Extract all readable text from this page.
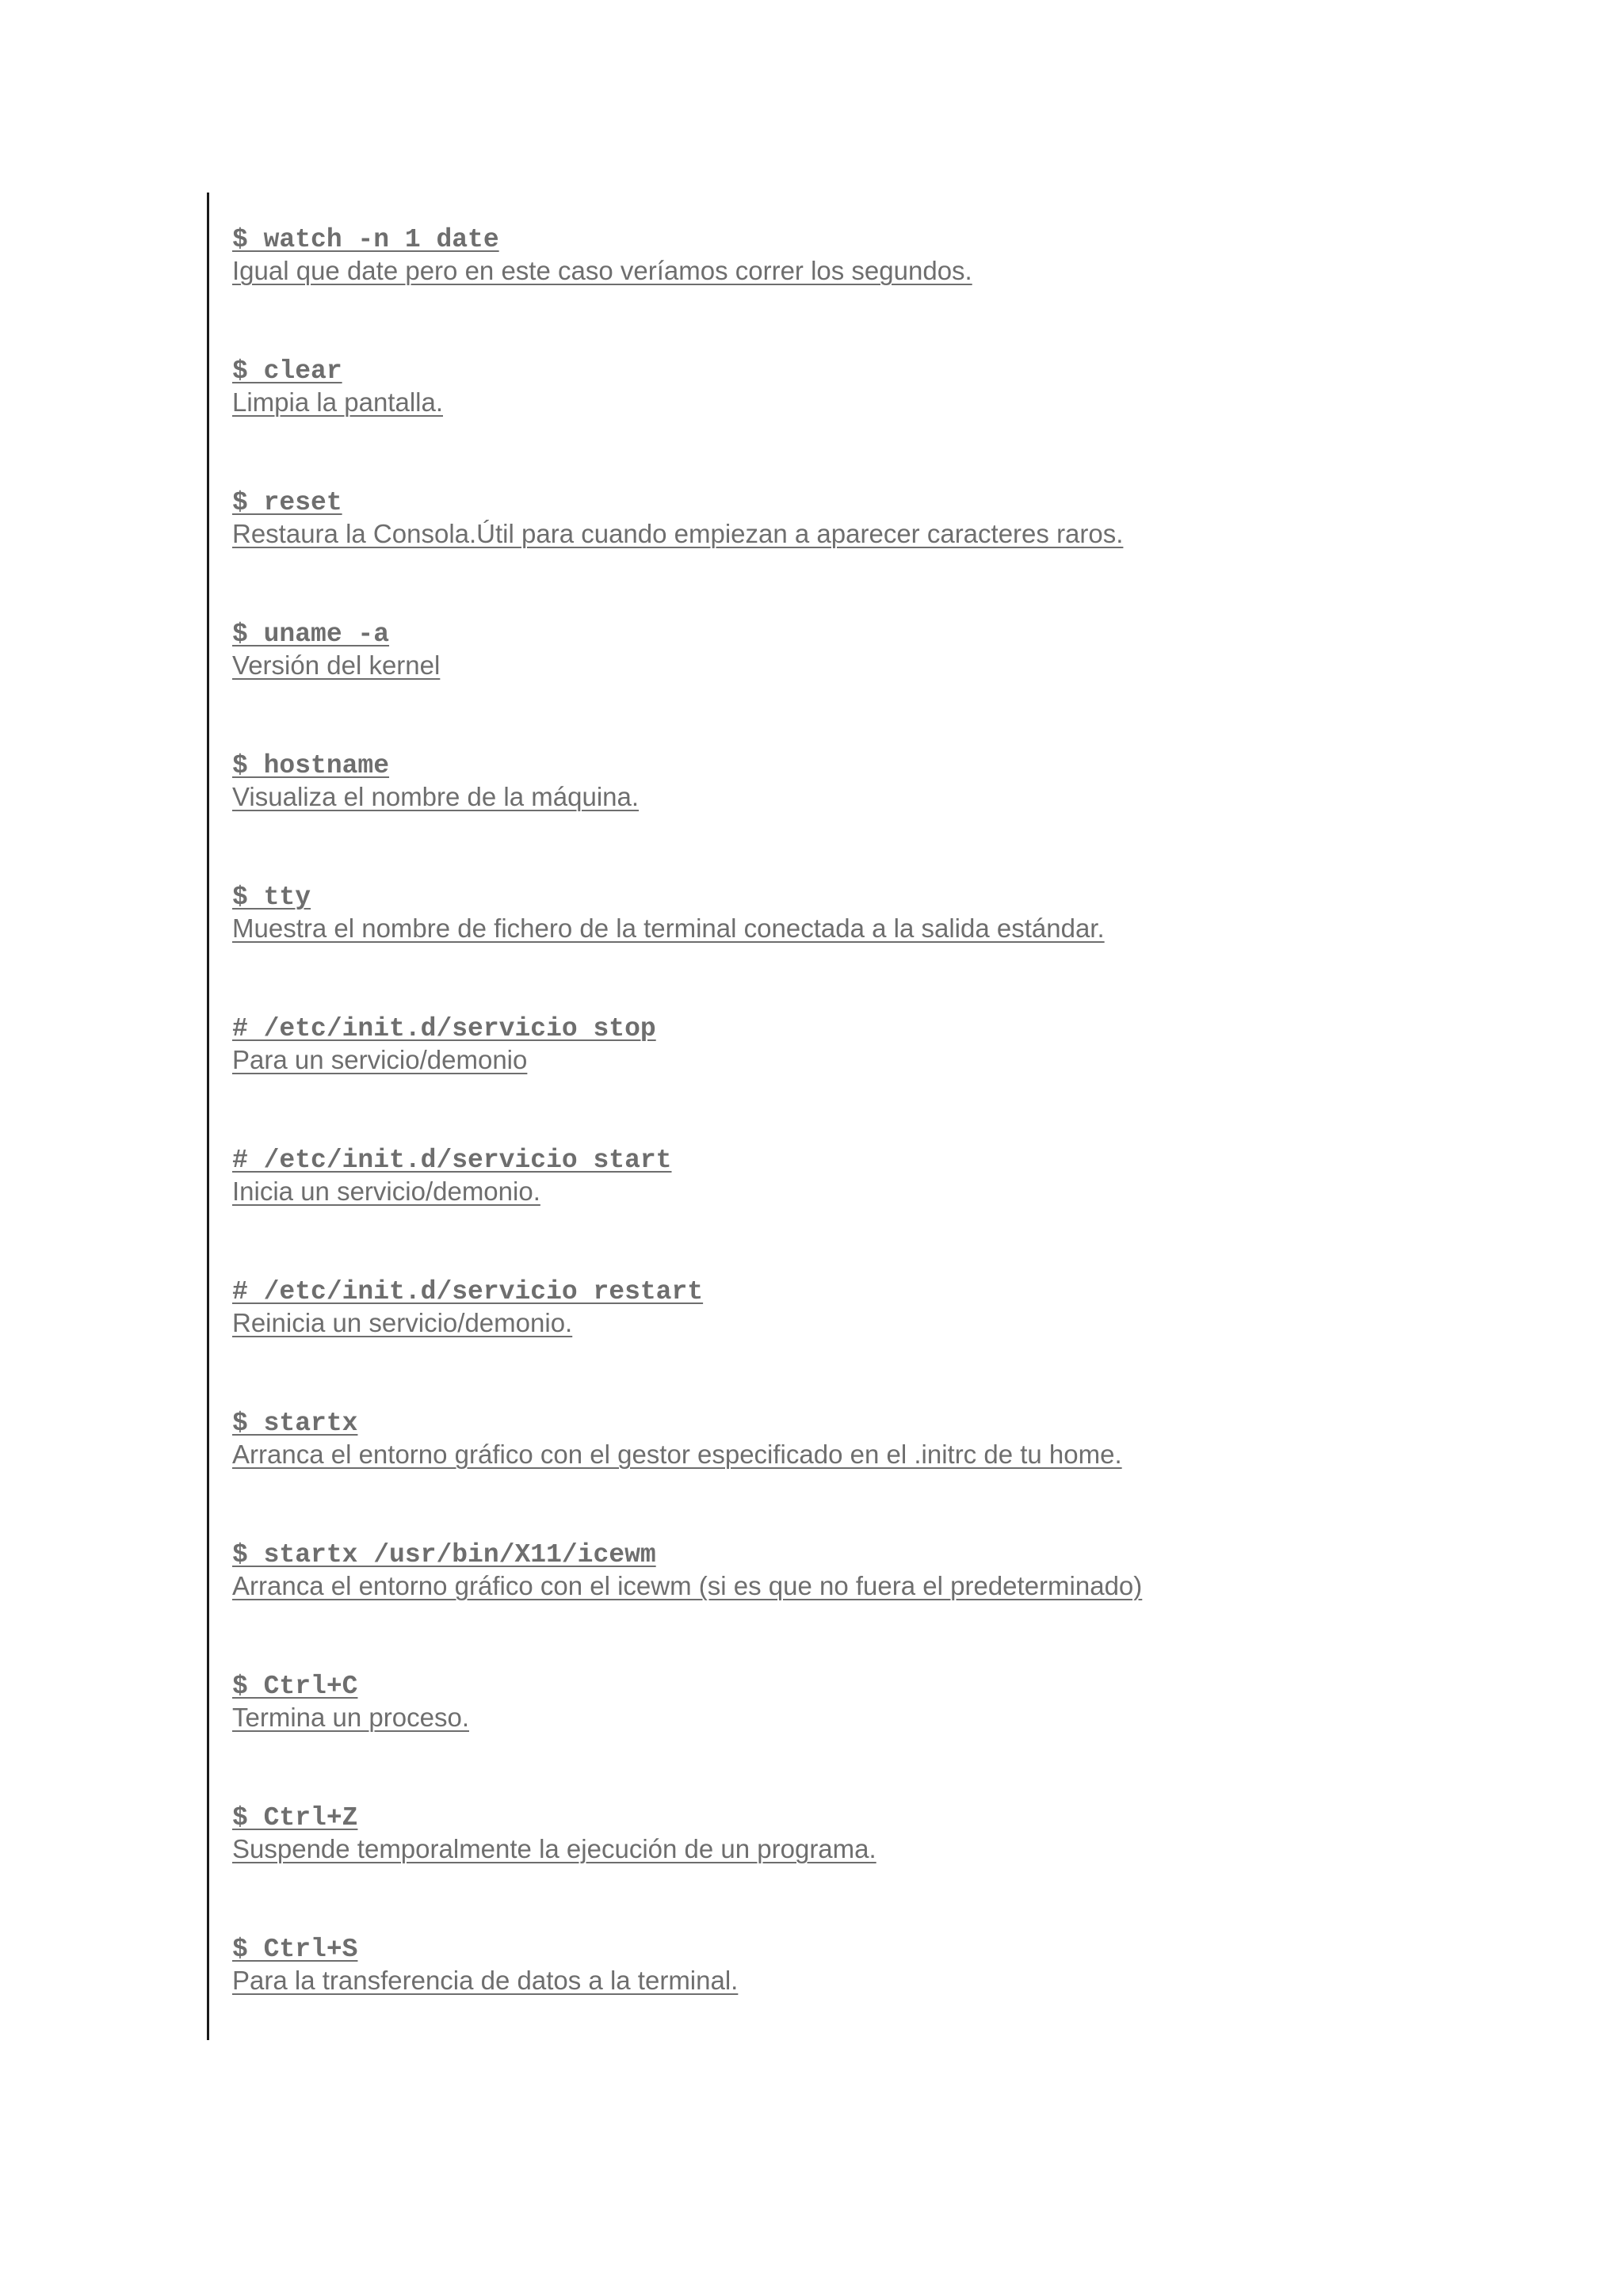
$ watch -n 1 date
Igual que date pero en este caso veríamos correr los segundos.
$ clear
Limpia la pantalla.
$ reset
Restaura la Consola.Útil para cuando empiezan a aparecer caracteres raros.
$ uname -a
Versión del kernel
$ hostname
Visualiza el nombre de la máquina.
$ tty
Muestra el nombre de fichero de la terminal conectada a la salida estándar.
# /etc/init.d/servicio stop
Para un servicio/demonio
# /etc/init.d/servicio start
Inicia un servicio/demonio.
# /etc/init.d/servicio restart
Reinicia un servicio/demonio.
$ startx
Arranca el entorno gráfico con el gestor especificado en el .initrc de tu home.
$ startx /usr/bin/X11/icewm
Arranca el entorno gráfico con el icewm (si es que no fuera el predeterminado)
$ Ctrl+C
Termina un proceso.
$ Ctrl+Z
Suspende temporalmente la ejecución de un programa.
$ Ctrl+S
Para la transferencia de datos a la terminal.
